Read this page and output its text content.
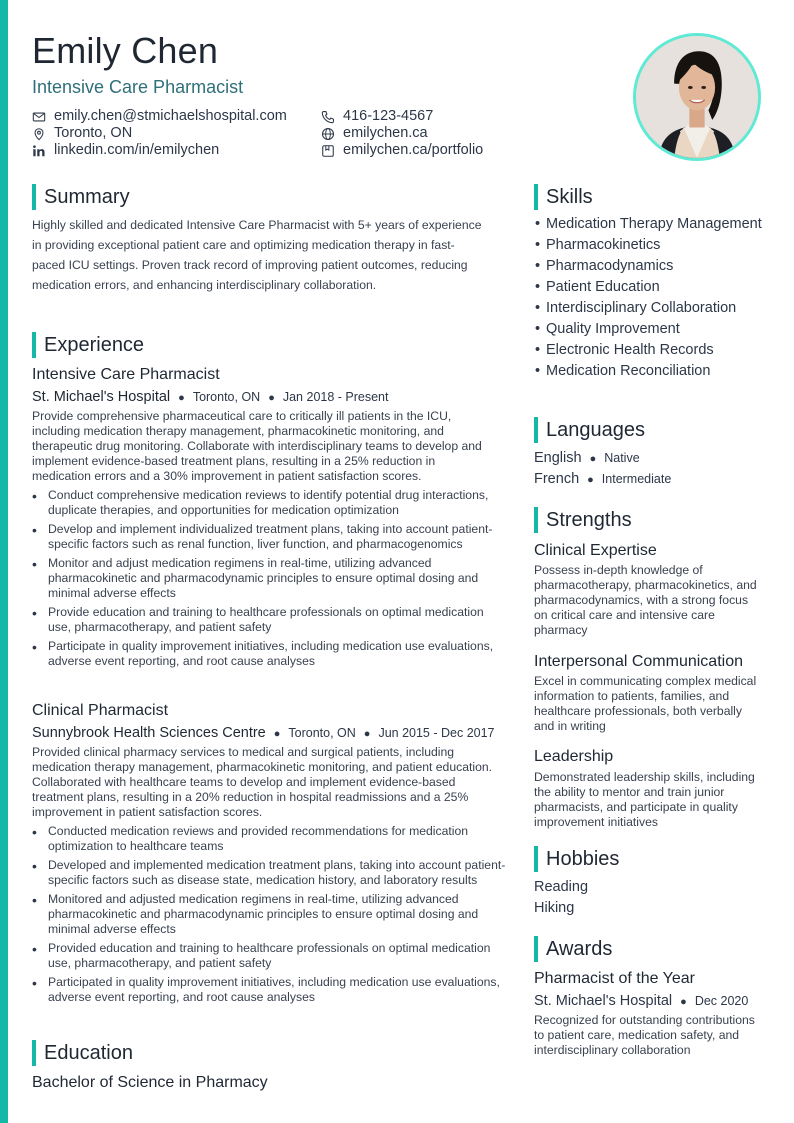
Emily Chen
Intensive Care Pharmacist
emily.chen@stmichaelshospital.com
Toronto, ON
linkedin.com/in/emilychen
416-123-4567
emilychen.ca
emilychen.ca/portfolio
Summary
Highly skilled and dedicated Intensive Care Pharmacist with 5+ years of experience in providing exceptional patient care and optimizing medication therapy in fast-paced ICU settings. Proven track record of improving patient outcomes, reducing medication errors, and enhancing interdisciplinary collaboration.
Experience
Intensive Care Pharmacist
St. Michael's Hospital ● Toronto, ON ● Jan 2018 - Present
Provide comprehensive pharmaceutical care to critically ill patients in the ICU, including medication therapy management, pharmacokinetic monitoring, and therapeutic drug monitoring. Collaborate with interdisciplinary teams to develop and implement evidence-based treatment plans, resulting in a 25% reduction in medication errors and a 30% improvement in patient satisfaction scores.
• Conduct comprehensive medication reviews to identify potential drug interactions, duplicate therapies, and opportunities for medication optimization
• Develop and implement individualized treatment plans, taking into account patient-specific factors such as renal function, liver function, and pharmacogenomics
• Monitor and adjust medication regimens in real-time, utilizing advanced pharmacokinetic and pharmacodynamic principles to ensure optimal dosing and minimal adverse effects
• Provide education and training to healthcare professionals on optimal medication use, pharmacotherapy, and patient safety
• Participate in quality improvement initiatives, including medication use evaluations, adverse event reporting, and root cause analyses
Clinical Pharmacist
Sunnybrook Health Sciences Centre ● Toronto, ON ● Jun 2015 - Dec 2017
Provided clinical pharmacy services to medical and surgical patients, including medication therapy management, pharmacokinetic monitoring, and patient education. Collaborated with healthcare teams to develop and implement evidence-based treatment plans, resulting in a 20% reduction in hospital readmissions and a 25% improvement in patient satisfaction scores.
• Conducted medication reviews and provided recommendations for medication optimization to healthcare teams
• Developed and implemented medication treatment plans, taking into account patient-specific factors such as disease state, medication history, and laboratory results
• Monitored and adjusted medication regimens in real-time, utilizing advanced pharmacokinetic and pharmacodynamic principles to ensure optimal dosing and minimal adverse effects
• Provided education and training to healthcare professionals on optimal medication use, pharmacotherapy, and patient safety
• Participated in quality improvement initiatives, including medication use evaluations, adverse event reporting, and root cause analyses
Education
Bachelor of Science in Pharmacy
Skills
• Medication Therapy Management
• Pharmacokinetics
• Pharmacodynamics
• Patient Education
• Interdisciplinary Collaboration
• Quality Improvement
• Electronic Health Records
• Medication Reconciliation
Languages
English ● Native
French ● Intermediate
Strengths
Clinical Expertise
Possess in-depth knowledge of pharmacotherapy, pharmacokinetics, and pharmacodynamics, with a strong focus on critical care and intensive care pharmacy
Interpersonal Communication
Excel in communicating complex medical information to patients, families, and healthcare professionals, both verbally and in writing
Leadership
Demonstrated leadership skills, including the ability to mentor and train junior pharmacists, and participate in quality improvement initiatives
Hobbies
Reading
Hiking
Awards
Pharmacist of the Year
St. Michael's Hospital ● Dec 2020
Recognized for outstanding contributions to patient care, medication safety, and interdisciplinary collaboration
